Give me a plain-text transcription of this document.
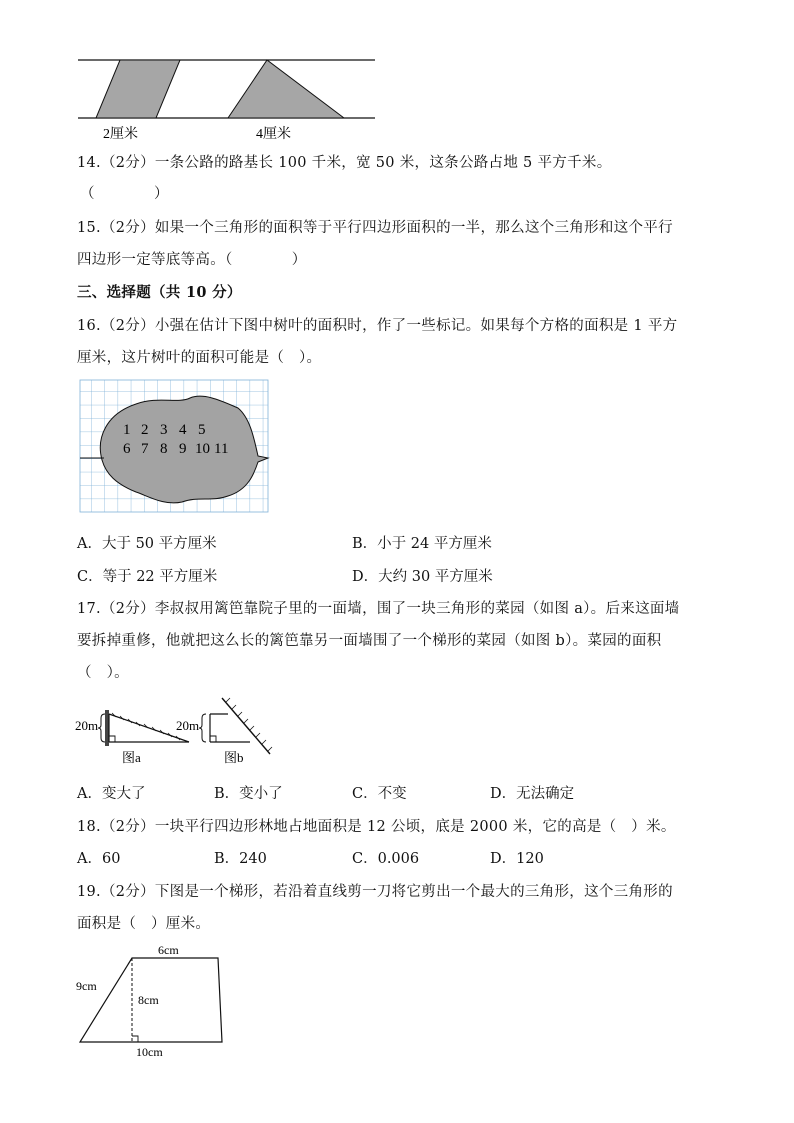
2厘米	4厘米
14.（2分）一条公路的路基长 100 千米，宽 50 米，这条公路占地 5 平方千米。
（　　　　）
15.（2分）如果一个三角形的面积等于平行四边形面积的一半，那么这个三角形和这个平行
四边形一定等底等高。（　　　　）
三、选择题（共 10 分）
16.（2分）小强在估计下图中树叶的面积时，作了一些标记。如果每个方格的面积是 1 平方
厘米，这片树叶的面积可能是（　）。
1 2 3 4 5
6 7 8 9 10 11
A．大于 50 平方厘米	B．小于 24 平方厘米
C．等于 22 平方厘米	D．大约 30 平方厘米
17.（2分）李叔叔用篱笆靠院子里的一面墙，围了一块三角形的菜园（如图 a）。后来这面墙
要拆掉重修，他就把这么长的篱笆靠另一面墙围了一个梯形的菜园（如图 b）。菜园的面积
（　）。
20m
图a
20m
图b
A．变大了	B．变小了	C．不变	D．无法确定
18.（2分）一块平行四边形林地占地面积是 12 公顷，底是 2000 米，它的高是（　）米。
A．60	B．240	C．0.006	D．120
19.（2分）下图是一个梯形，若沿着直线剪一刀将它剪出一个最大的三角形，这个三角形的
面积是（　）厘米。
6cm
9cm
8cm
10cm
